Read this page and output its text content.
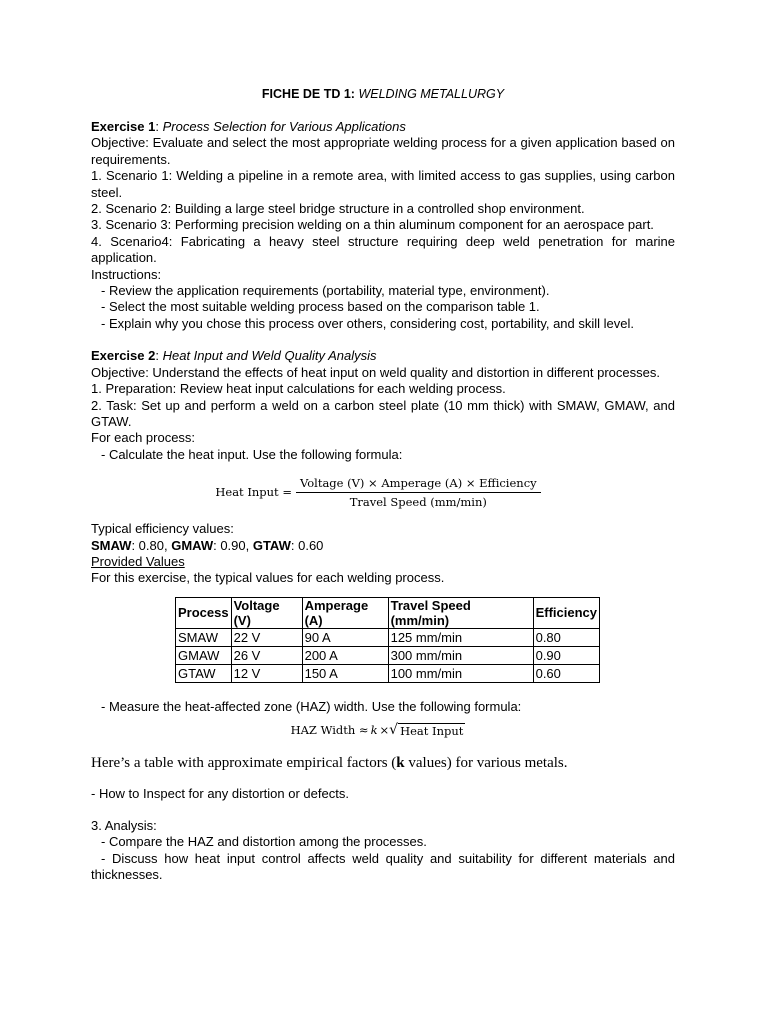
FICHE DE TD 1: WELDING METALLURGY

Exercise 1: Process Selection for Various Applications

Objective: Evaluate and select the most appropriate welding process for a given application based on requirements.

1. Scenario 1: Welding a pipeline in a remote area, with limited access to gas supplies, using carbon steel.

2. Scenario 2: Building a large steel bridge structure in a controlled shop environment.

3. Scenario 3: Performing precision welding on a thin aluminum component for an aerospace part.

4. Scenario4: Fabricating a heavy steel structure requiring deep weld penetration for marine application.

Instructions:

- Review the application requirements (portability, material type, environment).

- Select the most suitable welding process based on the comparison table 1.

- Explain why you chose this process over others, considering cost, portability, and skill level.

Exercise 2: Heat Input and Weld Quality Analysis

Objective: Understand the effects of heat input on weld quality and distortion in different processes.

1. Preparation: Review heat input calculations for each welding process.

2. Task: Set up and perform a weld on a carbon steel plate (10 mm thick) with SMAW, GMAW, and GTAW.

For each process:

- Calculate the heat input. Use the following formula:

Heat Input = $\frac{\text{Voltage (V) × Amperage (A) × Efficiency}}{\text{Travel Speed (mm/min)}}$

Typical efficiency values:

SMAW: 0.80, GMAW: 0.90, GTAW: 0.60

Provided Values

For this exercise, the typical values for each welding process.

Process	Voltage (V)	Amperage (A)	Travel Speed (mm/min)	Efficiency
SMAW	22 V	90 A	125 mm/min	0.80
GMAW	26 V	200 A	300 mm/min	0.90
GTAW	12 V	150 A	100 mm/min	0.60

- Measure the heat-affected zone (HAZ) width. Use the following formula:

HAZ Width ≈ k × √ Heat Input

Here’s a table with approximate empirical factors (k values) for various metals.

- How to Inspect for any distortion or defects.

3. Analysis:

- Compare the HAZ and distortion among the processes.

- Discuss how heat input control affects weld quality and suitability for different materials and thicknesses.
